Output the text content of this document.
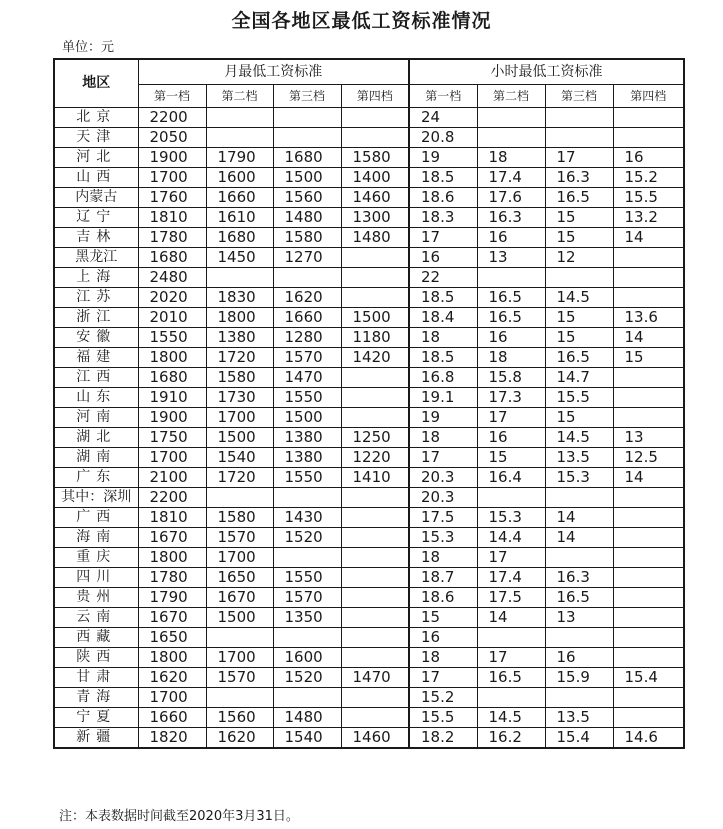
全国各地区最低工资标准情况
单位：元
地区	月最低工资标准				小时最低工资标准			
	第一档	第二档	第三档	第四档	第一档	第二档	第三档	第四档
北京	2200				24			
天津	2050				20.8			
河北	1900	1790	1680	1580	19	18	17	16
山西	1700	1600	1500	1400	18.5	17.4	16.3	15.2
内蒙古	1760	1660	1560	1460	18.6	17.6	16.5	15.5
辽宁	1810	1610	1480	1300	18.3	16.3	15	13.2
吉林	1780	1680	1580	1480	17	16	15	14
黑龙江	1680	1450	1270		16	13	12	
上海	2480				22			
江苏	2020	1830	1620		18.5	16.5	14.5	
浙江	2010	1800	1660	1500	18.4	16.5	15	13.6
安徽	1550	1380	1280	1180	18	16	15	14
福建	1800	1720	1570	1420	18.5	18	16.5	15
江西	1680	1580	1470		16.8	15.8	14.7	
山东	1910	1730	1550		19.1	17.3	15.5	
河南	1900	1700	1500		19	17	15	
湖北	1750	1500	1380	1250	18	16	14.5	13
湖南	1700	1540	1380	1220	17	15	13.5	12.5
广东	2100	1720	1550	1410	20.3	16.4	15.3	14
其中：深圳	2200				20.3			
广西	1810	1580	1430		17.5	15.3	14	
海南	1670	1570	1520		15.3	14.4	14	
重庆	1800	1700			18	17		
四川	1780	1650	1550		18.7	17.4	16.3	
贵州	1790	1670	1570		18.6	17.5	16.5	
云南	1670	1500	1350		15	14	13	
西藏	1650				16			
陕西	1800	1700	1600		18	17	16	
甘肃	1620	1570	1520	1470	17	16.5	15.9	15.4
青海	1700				15.2			
宁夏	1660	1560	1480		15.5	14.5	13.5	
新疆	1820	1620	1540	1460	18.2	16.2	15.4	14.6
注：本表数据时间截至2020年3月31日。
